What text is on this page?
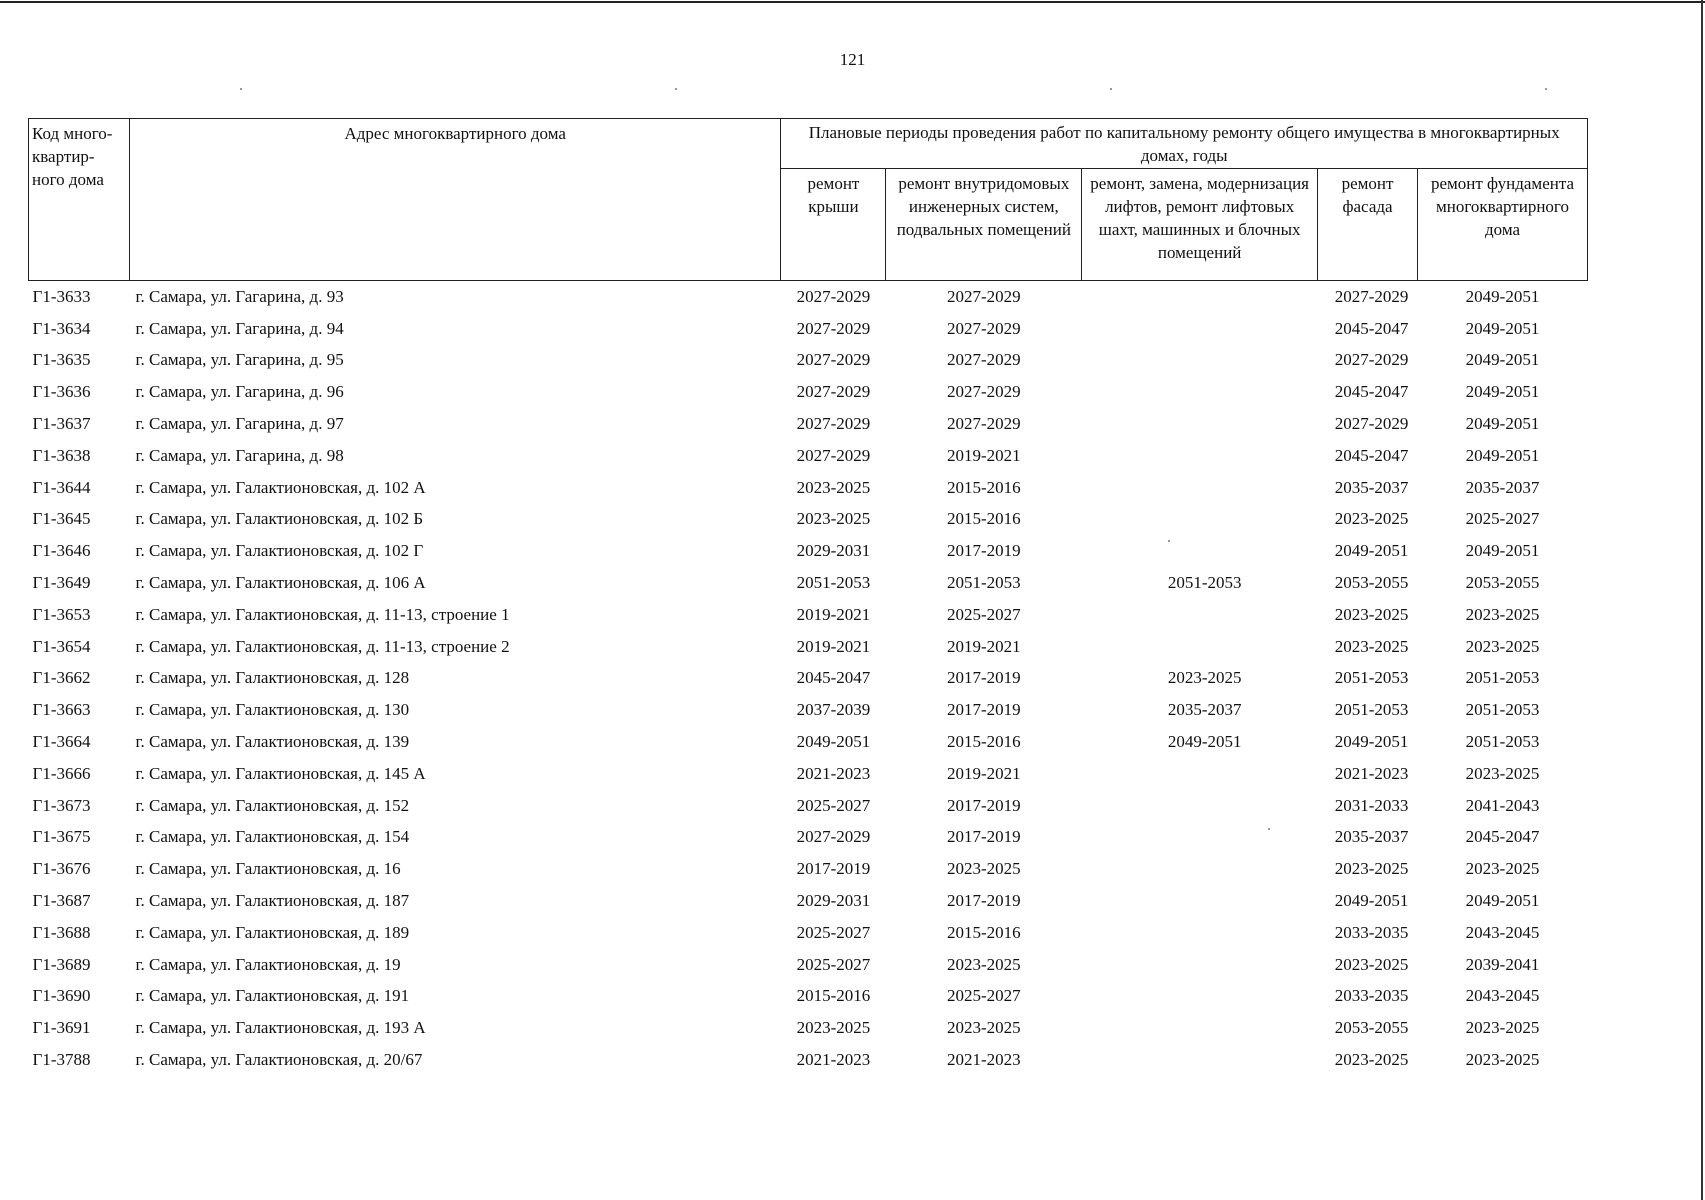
121
Код много-квартир-ного дома	Адрес многоквартирного дома	Плановые периоды проведения работ по капитальному ремонту общего имущества в многоквартирных домах, годы				
		ремонт крыши	ремонт внутридомовых инженерных систем, подвальных помещений	ремонт, замена, модернизация лифтов, ремонт лифтовых шахт, машинных и блочных помещений	ремонт фасада	ремонт фундамента многоквартирного дома
Г1-3633	г. Самара, ул. Гагарина, д. 93	2027-2029	2027-2029		2027-2029	2049-2051
Г1-3634	г. Самара, ул. Гагарина, д. 94	2027-2029	2027-2029		2045-2047	2049-2051
Г1-3635	г. Самара, ул. Гагарина, д. 95	2027-2029	2027-2029		2027-2029	2049-2051
Г1-3636	г. Самара, ул. Гагарина, д. 96	2027-2029	2027-2029		2045-2047	2049-2051
Г1-3637	г. Самара, ул. Гагарина, д. 97	2027-2029	2027-2029		2027-2029	2049-2051
Г1-3638	г. Самара, ул. Гагарина, д. 98	2027-2029	2019-2021		2045-2047	2049-2051
Г1-3644	г. Самара, ул. Галактионовская, д. 102 А	2023-2025	2015-2016		2035-2037	2035-2037
Г1-3645	г. Самара, ул. Галактионовская, д. 102 Б	2023-2025	2015-2016		2023-2025	2025-2027
Г1-3646	г. Самара, ул. Галактионовская, д. 102 Г	2029-2031	2017-2019		2049-2051	2049-2051
Г1-3649	г. Самара, ул. Галактионовская, д. 106 А	2051-2053	2051-2053	2051-2053	2053-2055	2053-2055
Г1-3653	г. Самара, ул. Галактионовская, д. 11-13, строение 1	2019-2021	2025-2027		2023-2025	2023-2025
Г1-3654	г. Самара, ул. Галактионовская, д. 11-13, строение 2	2019-2021	2019-2021		2023-2025	2023-2025
Г1-3662	г. Самара, ул. Галактионовская, д. 128	2045-2047	2017-2019	2023-2025	2051-2053	2051-2053
Г1-3663	г. Самара, ул. Галактионовская, д. 130	2037-2039	2017-2019	2035-2037	2051-2053	2051-2053
Г1-3664	г. Самара, ул. Галактионовская, д. 139	2049-2051	2015-2016	2049-2051	2049-2051	2051-2053
Г1-3666	г. Самара, ул. Галактионовская, д. 145 А	2021-2023	2019-2021		2021-2023	2023-2025
Г1-3673	г. Самара, ул. Галактионовская, д. 152	2025-2027	2017-2019		2031-2033	2041-2043
Г1-3675	г. Самара, ул. Галактионовская, д. 154	2027-2029	2017-2019		2035-2037	2045-2047
Г1-3676	г. Самара, ул. Галактионовская, д. 16	2017-2019	2023-2025		2023-2025	2023-2025
Г1-3687	г. Самара, ул. Галактионовская, д. 187	2029-2031	2017-2019		2049-2051	2049-2051
Г1-3688	г. Самара, ул. Галактионовская, д. 189	2025-2027	2015-2016		2033-2035	2043-2045
Г1-3689	г. Самара, ул. Галактионовская, д. 19	2025-2027	2023-2025		2023-2025	2039-2041
Г1-3690	г. Самара, ул. Галактионовская, д. 191	2015-2016	2025-2027		2033-2035	2043-2045
Г1-3691	г. Самара, ул. Галактионовская, д. 193 А	2023-2025	2023-2025		2053-2055	2023-2025
Г1-3788	г. Самара, ул. Галактионовская, д. 20/67	2021-2023	2021-2023		2023-2025	2023-2025
